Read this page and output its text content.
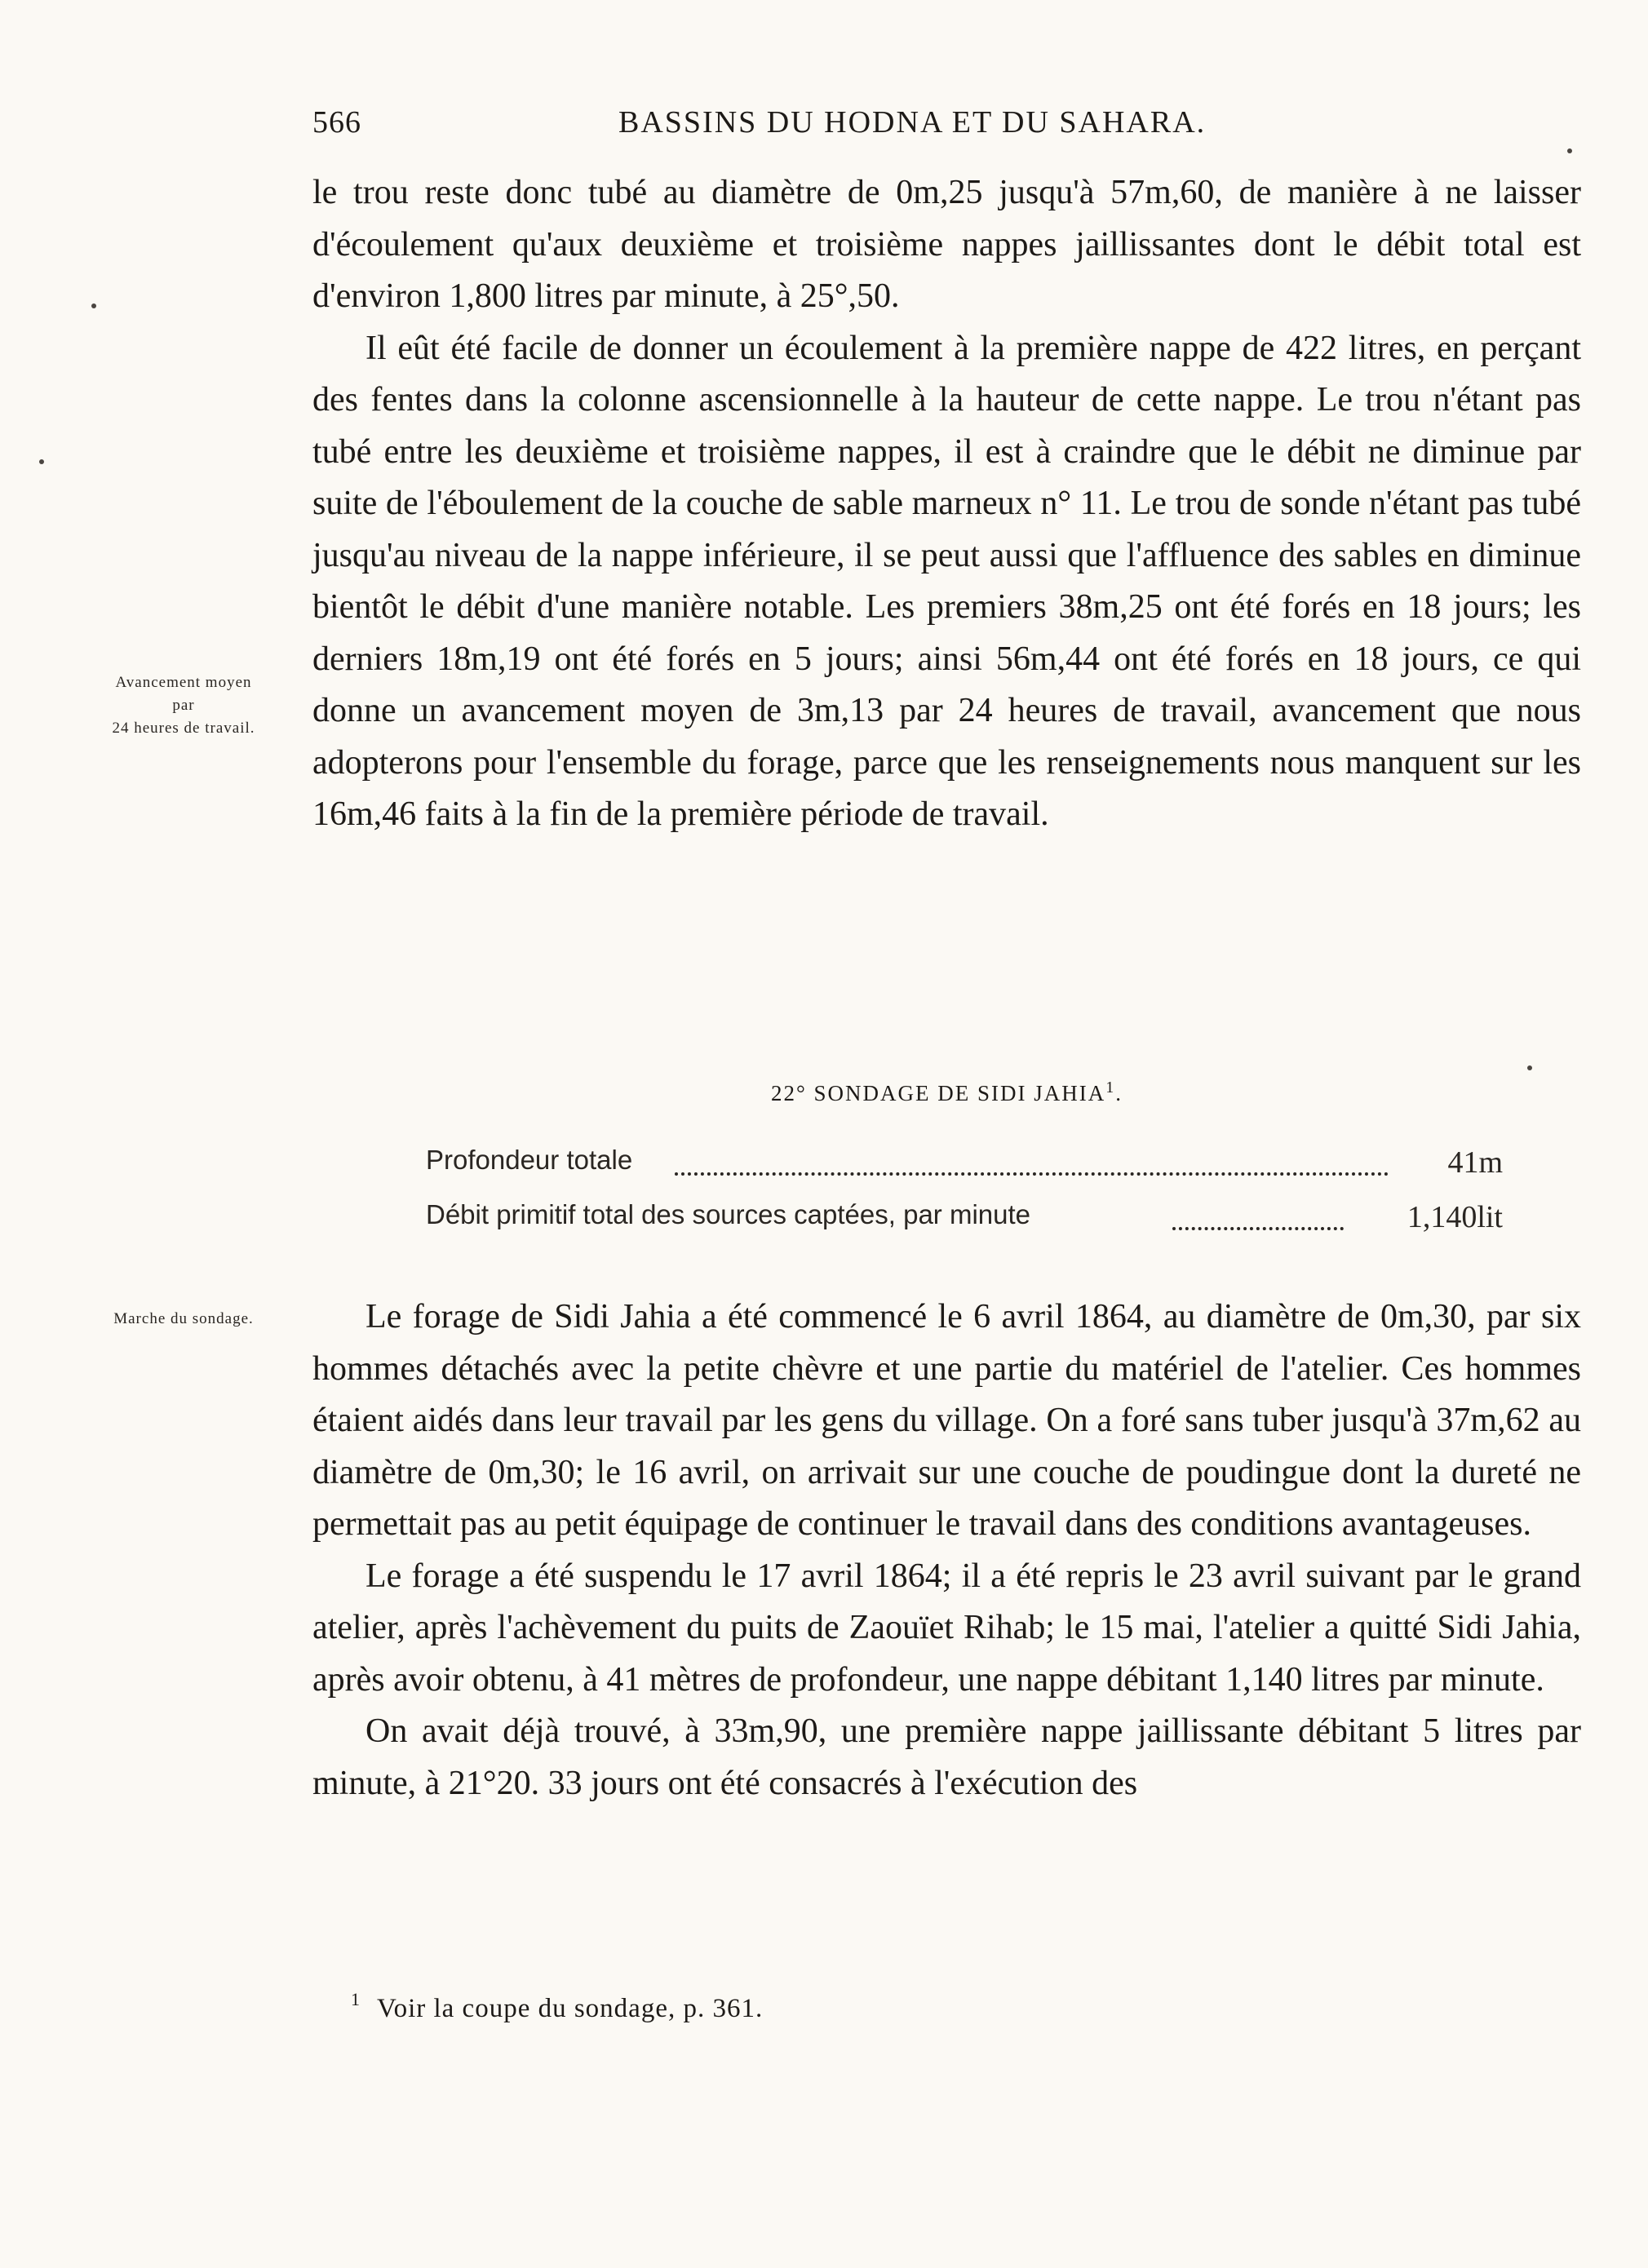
566	BASSINS DU HODNA ET DU SAHARA.

le trou reste donc tubé au diamètre de 0m,25 jusqu'à 57m,60, de manière à ne laisser d'écoulement qu'aux deuxième et troisième nappes jaillissantes dont le débit total est d'environ 1,800 litres par minute, à 25°,50.

Il eût été facile de donner un écoulement à la première nappe de 422 litres, en perçant des fentes dans la colonne ascensionnelle à la hauteur de cette nappe. Le trou n'étant pas tubé entre les deuxième et troisième nappes, il est à craindre que le débit ne diminue par suite de l'éboulement de la couche de sable marneux n° 11. Le trou de sonde n'étant pas tubé jusqu'au niveau de la nappe inférieure, il se peut aussi que l'affluence des sables en diminue bientôt le débit d'une manière notable. Les premiers 38m,25 ont été forés en 18 jours; les derniers 18m,19 ont été forés en 5 jours; ainsi 56m,44 ont été forés en 18 jours, ce qui donne un avancement moyen de 3m,13 par 24 heures de travail, avancement que nous adopterons pour l'ensemble du forage, parce que les renseignements nous manquent sur les 16m,46 faits à la fin de la première période de travail.

Avancement moyen
par
24 heures de travail.
22° SONDAGE DE SIDI JAHIA$^1$.
Profondeur totale	41m
Débit primitif total des sources captées, par minute	1,140lit
Marche du sondage.	Le forage de Sidi Jahia a été commencé le 6 avril 1864, au diamètre de 0m,30, par six hommes détachés avec la petite chèvre et une partie du matériel de l'atelier. Ces hommes étaient aidés dans leur travail par les gens du village. On a foré sans tuber jusqu'à 37m,62 au diamètre de 0m,30; le 16 avril, on arrivait sur une couche de poudingue dont la dureté ne permettait pas au petit équipage de continuer le travail dans des conditions avantageuses.

Le forage a été suspendu le 17 avril 1864; il a été repris le 23 avril suivant par le grand atelier, après l'achèvement du puits de Zaouïet Rihab; le 15 mai, l'atelier a quitté Sidi Jahia, après avoir obtenu, à 41 mètres de profondeur, une nappe débitant 1,140 litres par minute.

On avait déjà trouvé, à 33m,90, une première nappe jaillissante débitant 5 litres par minute, à 21°20. 33 jours ont été consacrés à l'exécution des

$^1$ Voir la coupe du sondage, p. 361.
